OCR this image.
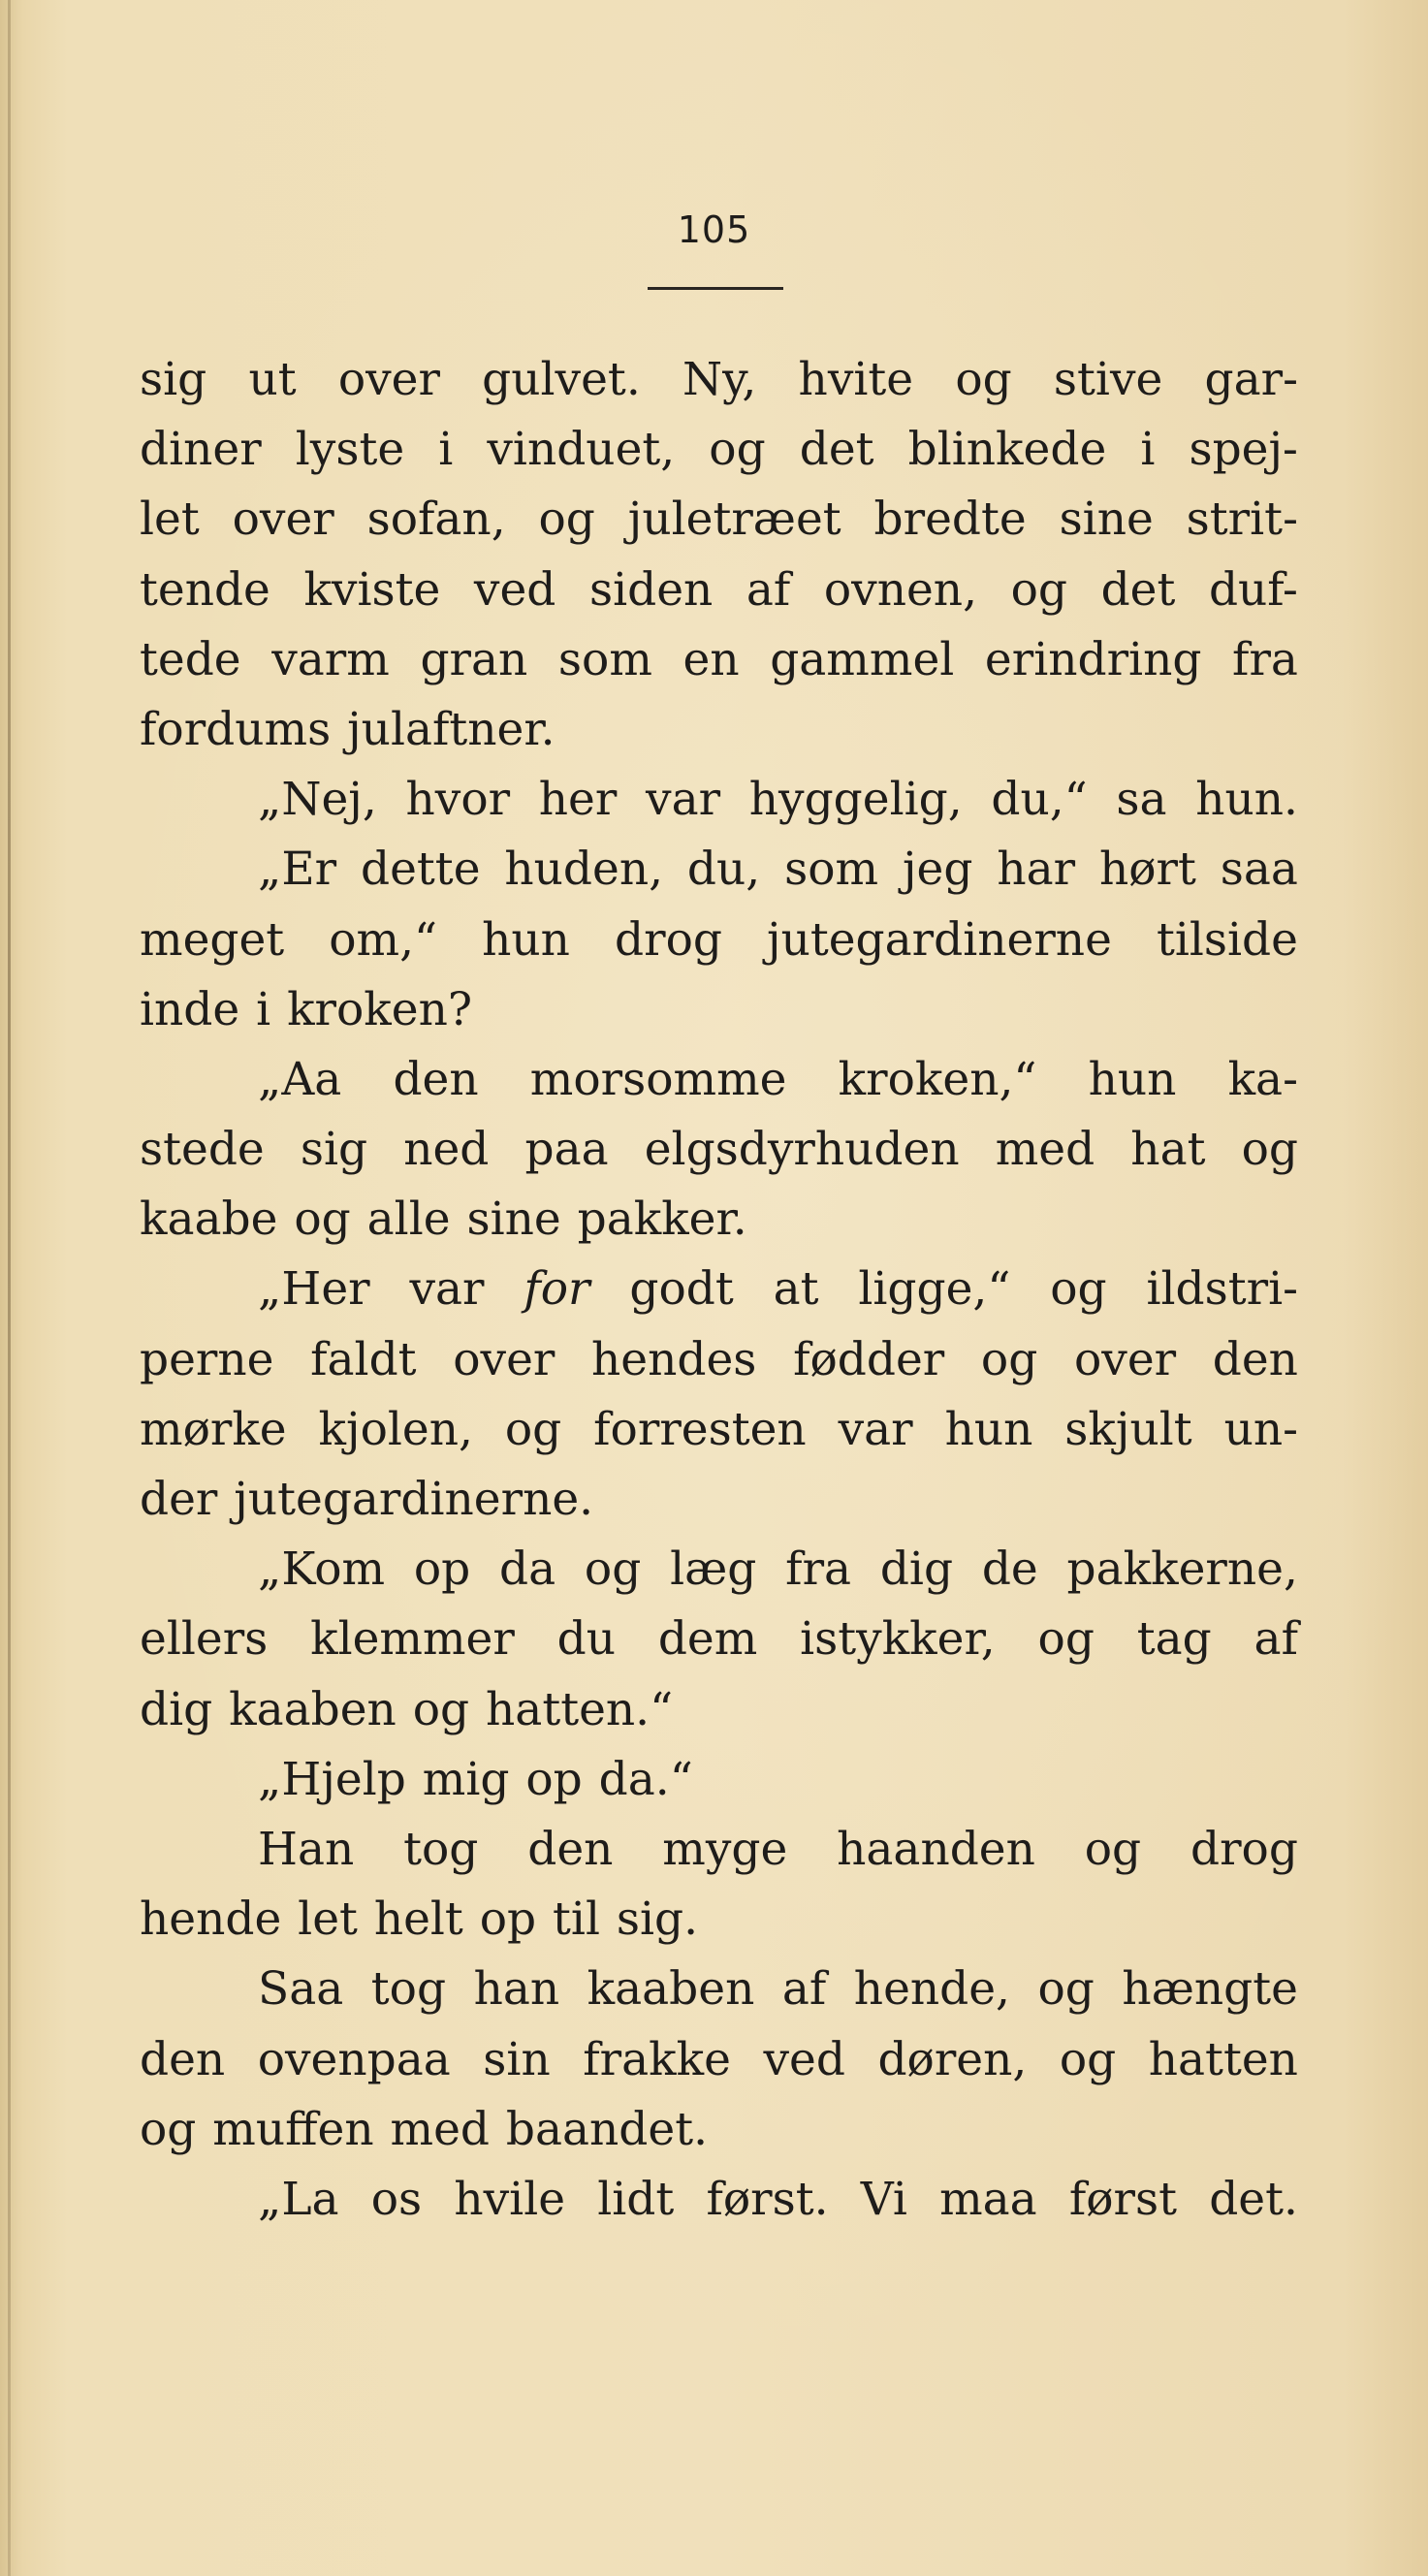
105
sig ut over gulvet. Ny, hvite og stive gar-
diner lyste i vinduet, og det blinkede i spej-
let over sofan, og juletræet bredte sine strit-
tende kviste ved siden af ovnen, og det duf-
tede varm gran som en gammel erindring fra
fordums julaftner.
„Nej, hvor her var hyggelig, du,“ sa hun.
„Er dette huden, du, som jeg har hørt saa
meget om,“ hun drog jutegardinerne tilside
inde i kroken?
„Aa den morsomme kroken,“ hun ka-
stede sig ned paa elgsdyrhuden med hat og
kaabe og alle sine pakker.
„Her var for godt at ligge,“ og ildstri-
perne faldt over hendes fødder og over den
mørke kjolen, og forresten var hun skjult un-
der jutegardinerne.
„Kom op da og læg fra dig de pakkerne,
ellers klemmer du dem istykker, og tag af
dig kaaben og hatten.“
„Hjelp mig op da.“
Han tog den myge haanden og drog
hende let helt op til sig.
Saa tog han kaaben af hende, og hængte
den ovenpaa sin frakke ved døren, og hatten
og muffen med baandet.
„La os hvile lidt først. Vi maa først det.
